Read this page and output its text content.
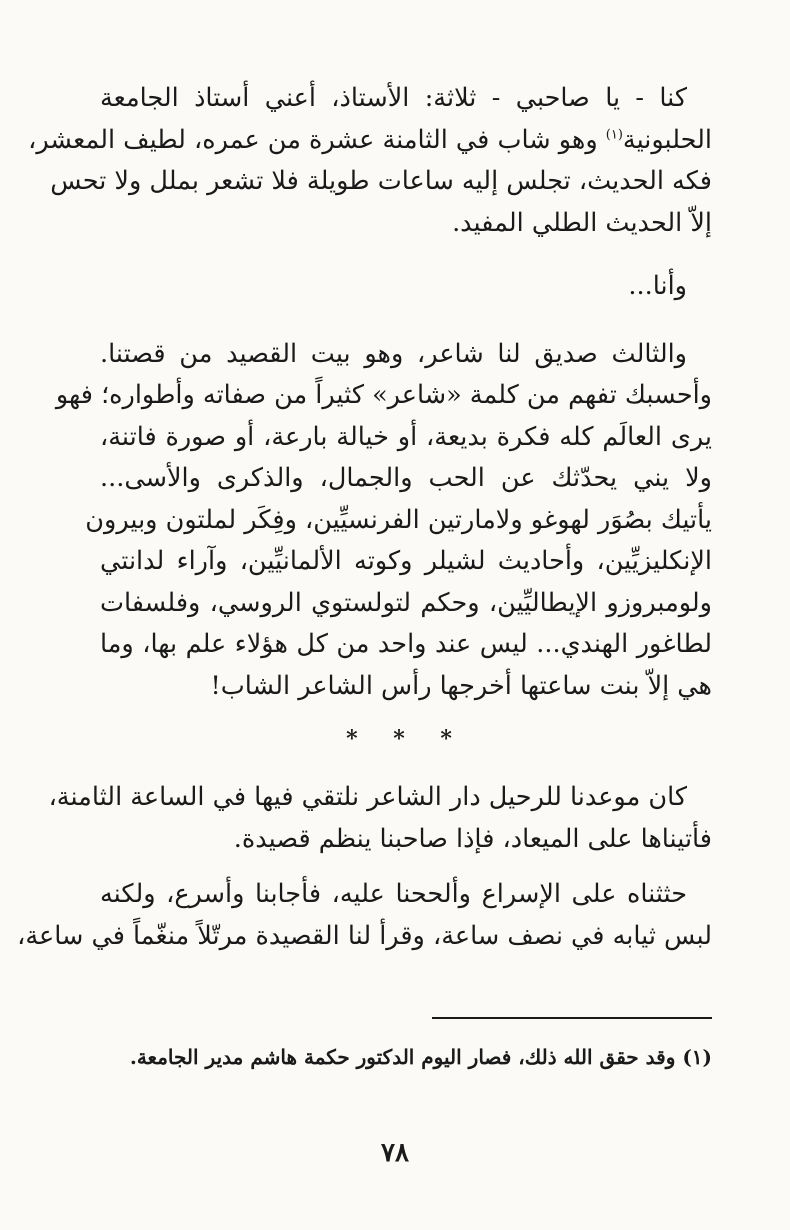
كنا - يا صاحبي - ثلاثة: الأستاذ، أعني أستاذ الجامعة
الحلبونية$^{(١)}$ وهو شاب في الثامنة عشرة من عمره، لطيف المعشر،
فكه الحديث، تجلس إليه ساعات طويلة فلا تشعر بملل ولا تحس
إلاّ الحديث الطلي المفيد.
وأنا...
والثالث صديق لنا شاعر، وهو بيت القصيد من قصتنا.
وأحسبك تفهم من كلمة «شاعر» كثيراً من صفاته وأطواره؛ فهو
يرى العالَم كله فكرة بديعة، أو خيالة بارعة، أو صورة فاتنة،
ولا يني يحدّثك عن الحب والجمال، والذكرى والأسى...
يأتيك بصُوَر لهوغو ولامارتين الفرنسيِّين، وفِكَر لملتون وبيرون
الإنكليزيِّين، وأحاديث لشيلر وكوته الألمانيِّين، وآراء لدانتي
ولومبروزو الإيطاليِّين، وحكم لتولستوي الروسي، وفلسفات
لطاغور الهندي... ليس عند واحد من كل هؤلاء علم بها، وما
هي إلاّ بنت ساعتها أخرجها رأس الشاعر الشاب!
* * *
كان موعدنا للرحيل دار الشاعر نلتقي فيها في الساعة الثامنة،
فأتيناها على الميعاد، فإذا صاحبنا ينظم قصيدة.
حثثناه على الإسراع وألححنا عليه، فأجابنا وأسرع، ولكنه
لبس ثيابه في نصف ساعة، وقرأ لنا القصيدة مرتّلاً منغّماً في ساعة،
(١) وقد حقق الله ذلك، فصار اليوم الدكتور حكمة هاشم مدير الجامعة.
٧٨
